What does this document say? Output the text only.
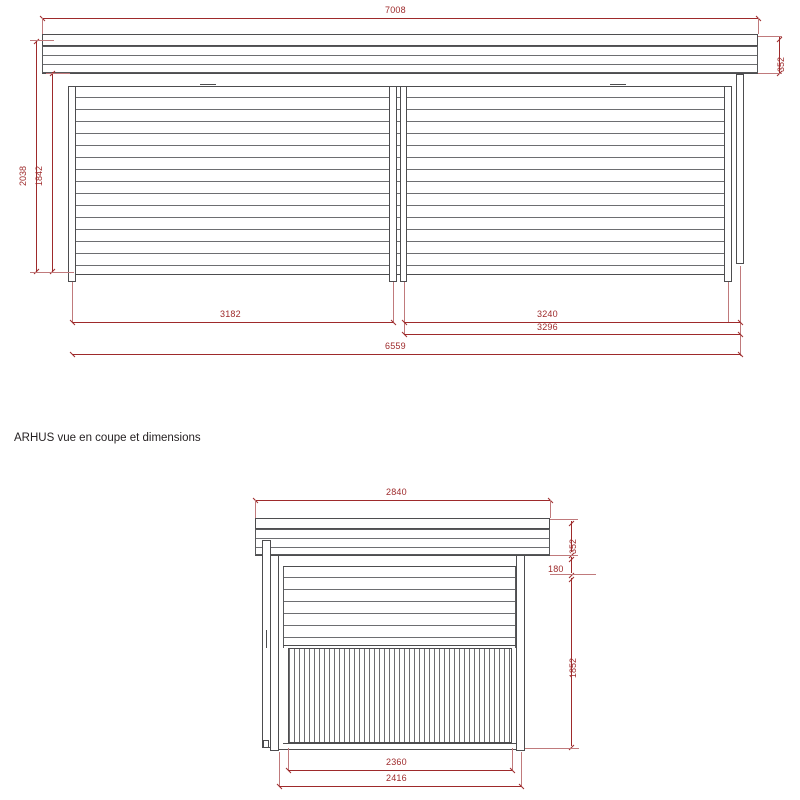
7008
352
2038 1842
3182	3240
3296
6559
ARHUS vue en coupe et dimensions
2840
352
180
1852
2360
2416
